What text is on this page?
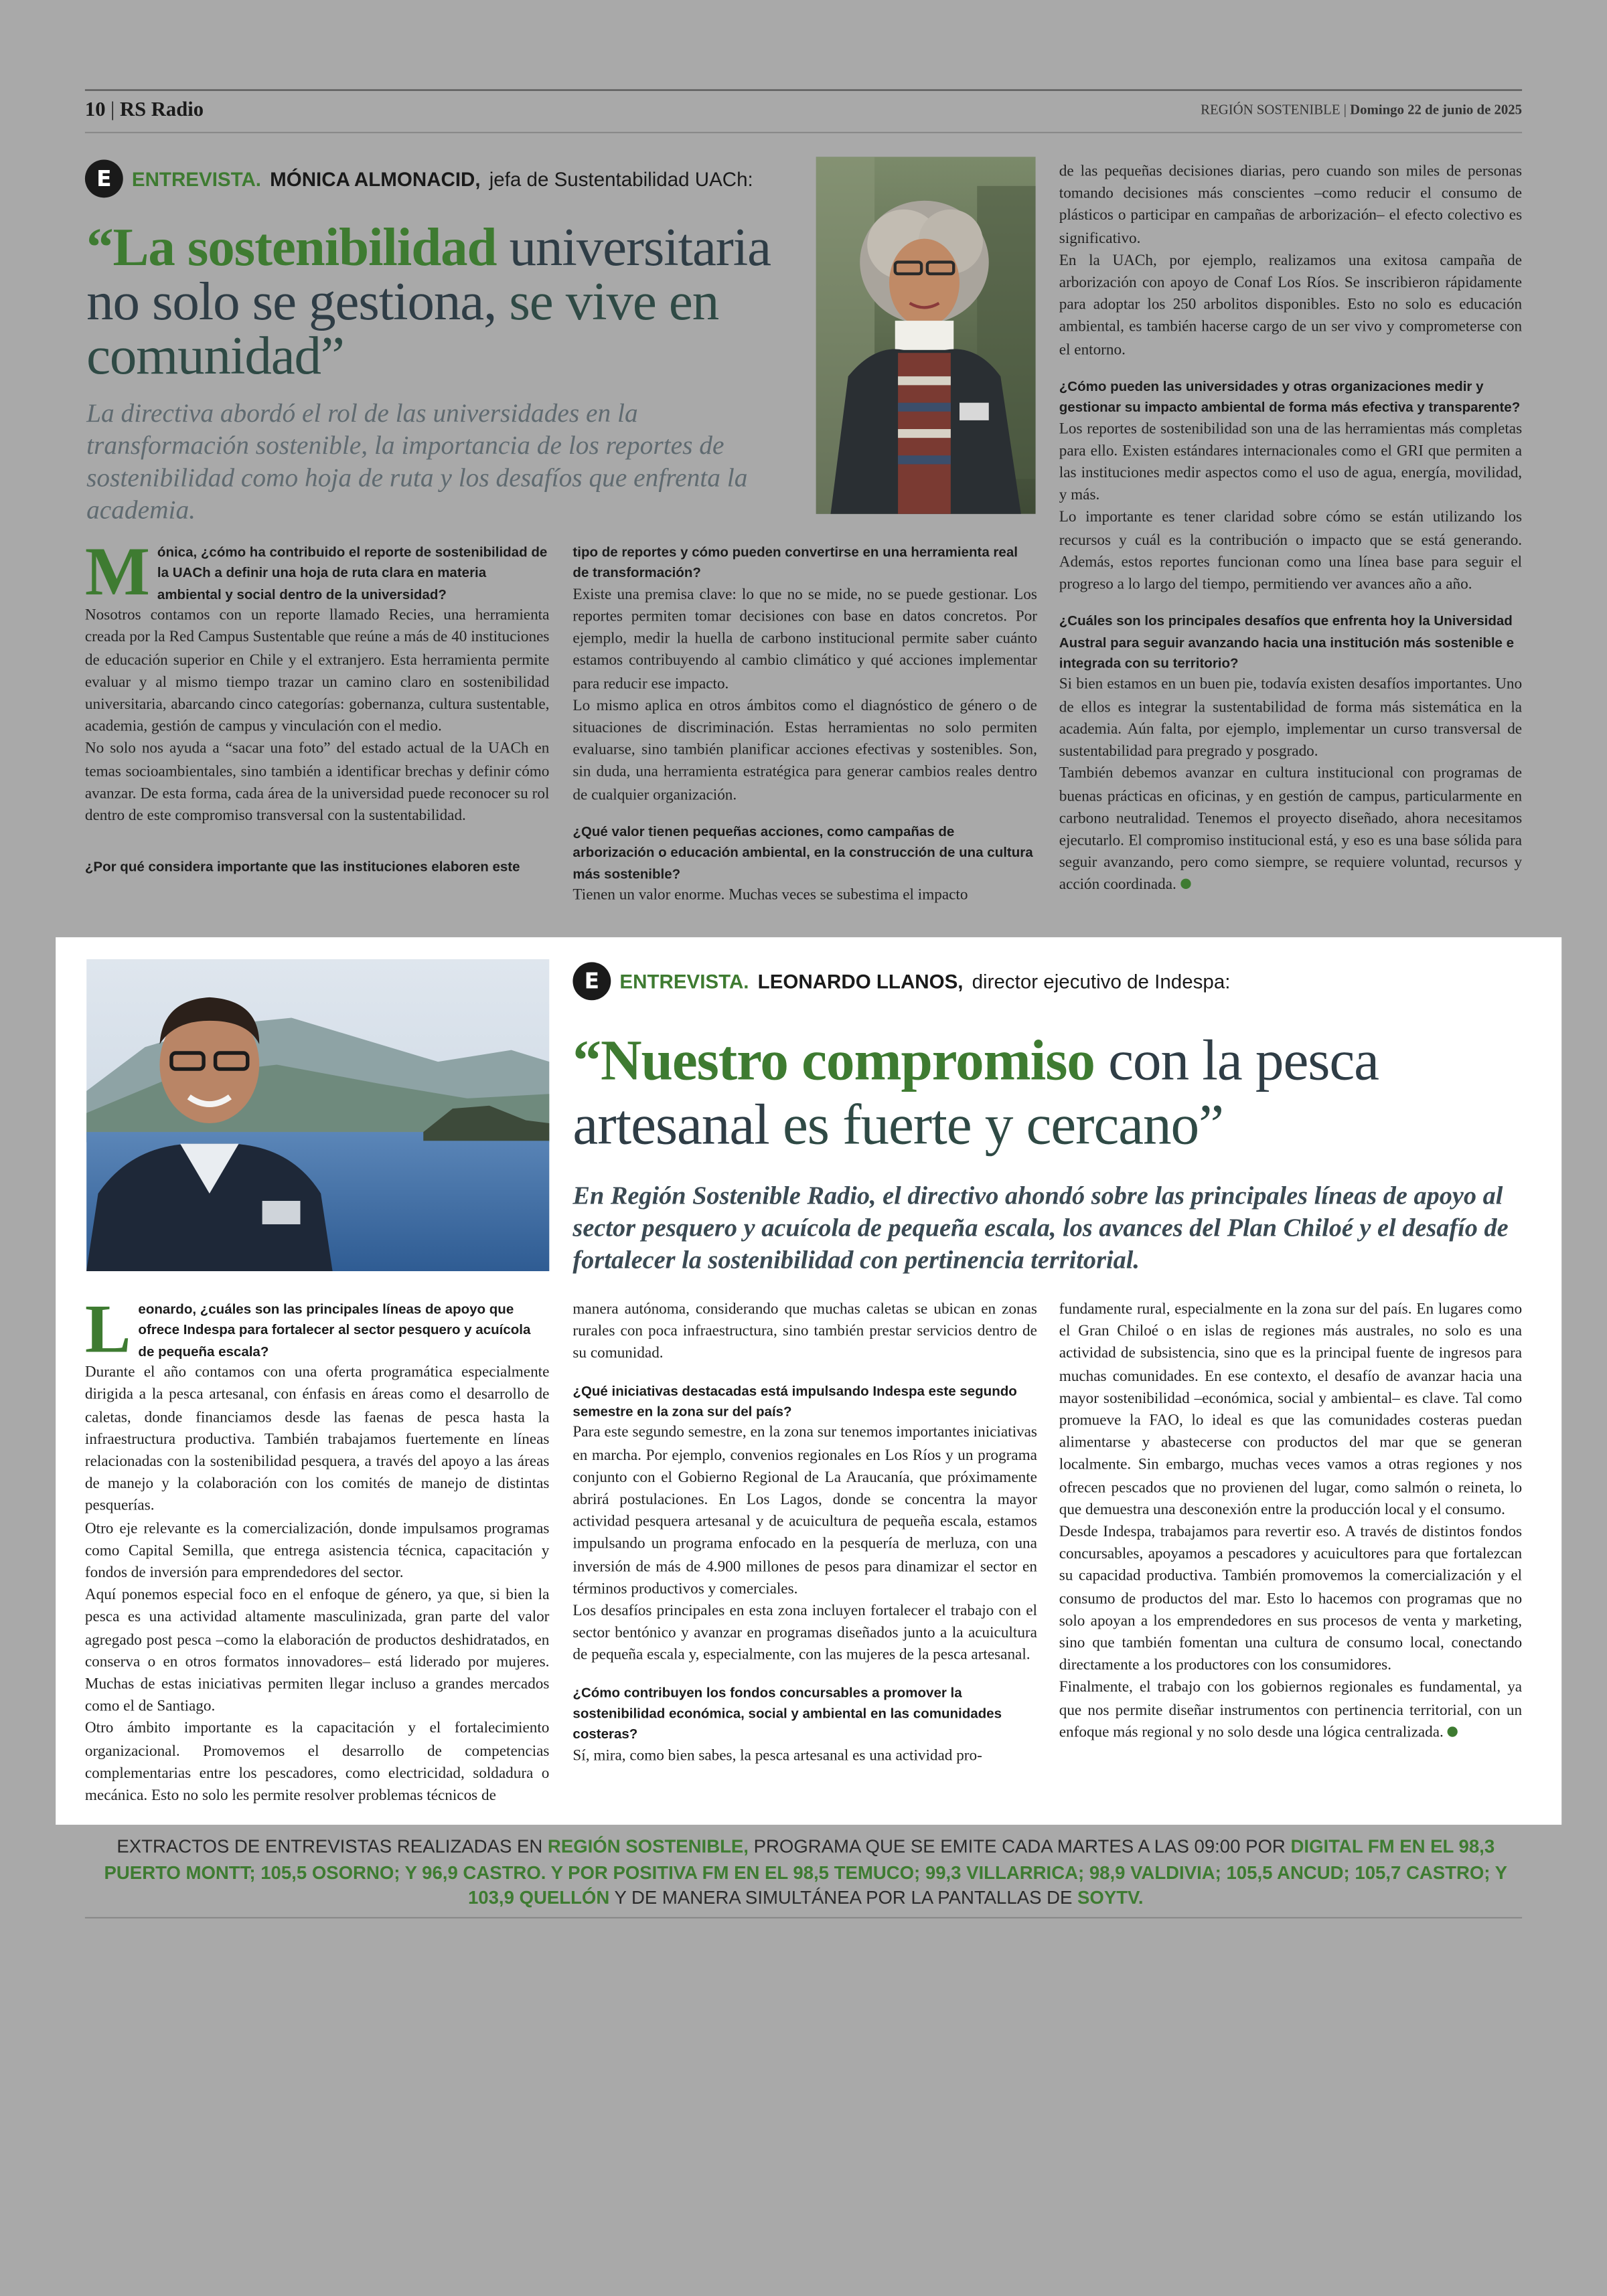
10 | RS Radio	REGIÓN SOSTENIBLE | Domingo 22 de junio de 2025
E	ENTREVISTA. MÓNICA ALMONACID, jefa de Sustentabilidad UACh:
“La sostenibilidad universitaria
no solo se gestiona, se vive en
comunidad”
La directiva abordó el rol de las universidades en la transformación sostenible, la importancia de los reportes de sostenibilidad como hoja de ruta y los desafíos que enfrenta la academia.
M	ónica, ¿cómo ha contribuido el reporte de sostenibilidad de la UACh a definir una hoja de ruta clara en materia ambiental y social dentro de la universidad?

Nosotros contamos con un reporte llamado Recies, una herramienta creada por la Red Campus Sustentable que reúne a más de 40 instituciones de educación superior en Chile y el extranjero. Esta herramienta permite evaluar y al mismo tiempo trazar un camino claro en sostenibilidad universitaria, abarcando cinco categorías: gobernanza, cultura sustentable, academia, gestión de campus y vinculación con el medio.

No solo nos ayuda a “sacar una foto” del estado actual de la UACh en temas socioambientales, sino también a identificar brechas y definir cómo avanzar. De esta forma, cada área de la universidad puede reconocer su rol dentro de este compromiso transversal con la sustentabilidad.

¿Por qué considera importante que las instituciones elaboren este

tipo de reportes y cómo pueden convertirse en una herramienta real de transformación?

Existe una premisa clave: lo que no se mide, no se puede gestionar. Los reportes permiten tomar decisiones con base en datos concretos. Por ejemplo, medir la huella de carbono institucional permite saber cuánto estamos contribuyendo al cambio climático y qué acciones implementar para reducir ese impacto.

Lo mismo aplica en otros ámbitos como el diagnóstico de género o de situaciones de discriminación. Estas herramientas no solo permiten evaluarse, sino también planificar acciones efectivas y sostenibles. Son, sin duda, una herramienta estratégica para generar cambios reales dentro de cualquier organización.

¿Qué valor tienen pequeñas acciones, como campañas de arborización o educación ambiental, en la construcción de una cultura más sostenible?

Tienen un valor enorme. Muchas veces se subestima el impacto

de las pequeñas decisiones diarias, pero cuando son miles de personas tomando decisiones más conscientes –como reducir el consumo de plásticos o participar en campañas de arborización– el efecto colectivo es significativo.

En la UACh, por ejemplo, realizamos una exitosa campaña de arborización con apoyo de Conaf Los Ríos. Se inscribieron rápidamente para adoptar los 250 arbolitos disponibles. Esto no solo es educación ambiental, es también hacerse cargo de un ser vivo y comprometerse con el entorno.

¿Cómo pueden las universidades y otras organizaciones medir y gestionar su impacto ambiental de forma más efectiva y transparente?

Los reportes de sostenibilidad son una de las herramientas más completas para ello. Existen estándares internacionales como el GRI que permiten a las instituciones medir aspectos como el uso de agua, energía, movilidad, y más.

Lo importante es tener claridad sobre cómo se están utilizando los recursos y cuál es la contribución o impacto que se está generando. Además, estos reportes funcionan como una línea base para seguir el progreso a lo largo del tiempo, permitiendo ver avances año a año.

¿Cuáles son los principales desafíos que enfrenta hoy la Universidad Austral para seguir avanzando hacia una institución más sostenible e integrada con su territorio?

Si bien estamos en un buen pie, todavía existen desafíos importantes. Uno de ellos es integrar la sustentabilidad de forma más sistemática en la academia. Aún falta, por ejemplo, implementar un curso transversal de sustentabilidad para pregrado y posgrado.

También debemos avanzar en cultura institucional con programas de buenas prácticas en oficinas, y en gestión de campus, particularmente en carbono neutralidad. Tenemos el proyecto diseñado, ahora necesitamos ejecutarlo. El compromiso institucional está, y eso es una base sólida para seguir avanzando, pero como siempre, se requiere voluntad, recursos y acción coordinada.

E	ENTREVISTA. LEONARDO LLANOS, director ejecutivo de Indespa:
“Nuestro compromiso con la pesca
artesanal es fuerte y cercano”
En Región Sostenible Radio, el directivo ahondó sobre las principales líneas de apoyo al sector pesquero y acuícola de pequeña escala, los avances del Plan Chiloé y el desafío de fortalecer la sostenibilidad con pertinencia territorial.
L	eonardo, ¿cuáles son las principales líneas de apoyo que ofrece Indespa para fortalecer al sector pesquero y acuícola de pequeña escala?

Durante el año contamos con una oferta programática especialmente dirigida a la pesca artesanal, con énfasis en áreas como el desarrollo de caletas, donde financiamos desde las faenas de pesca hasta la infraestructura productiva. También trabajamos fuertemente en líneas relacionadas con la sostenibilidad pesquera, a través del apoyo a las áreas de manejo y la colaboración con los comités de manejo de distintas pesquerías.

Otro eje relevante es la comercialización, donde impulsamos programas como Capital Semilla, que entrega asistencia técnica, capacitación y fondos de inversión para emprendedores del sector.

Aquí ponemos especial foco en el enfoque de género, ya que, si bien la pesca es una actividad altamente masculinizada, gran parte del valor agregado post pesca –como la elaboración de productos deshidratados, en conserva o en otros formatos innovadores– está liderado por mujeres. Muchas de estas iniciativas permiten llegar incluso a grandes mercados como el de Santiago.

Otro ámbito importante es la capacitación y el fortalecimiento organizacional. Promovemos el desarrollo de competencias complementarias entre los pescadores, como electricidad, soldadura o mecánica. Esto no solo les permite resolver problemas técnicos de

manera autónoma, considerando que muchas caletas se ubican en zonas rurales con poca infraestructura, sino también prestar servicios dentro de su comunidad.

¿Qué iniciativas destacadas está impulsando Indespa este segundo semestre en la zona sur del país?

Para este segundo semestre, en la zona sur tenemos importantes iniciativas en marcha. Por ejemplo, convenios regionales en Los Ríos y un programa conjunto con el Gobierno Regional de La Araucanía, que próximamente abrirá postulaciones. En Los Lagos, donde se concentra la mayor actividad pesquera artesanal y de acuicultura de pequeña escala, estamos impulsando un programa enfocado en la pesquería de merluza, con una inversión de más de 4.900 millones de pesos para dinamizar el sector en términos productivos y comerciales.

Los desafíos principales en esta zona incluyen fortalecer el trabajo con el sector bentónico y avanzar en programas diseñados junto a la acuicultura de pequeña escala y, especialmente, con las mujeres de la pesca artesanal.

¿Cómo contribuyen los fondos concursables a promover la sostenibilidad económica, social y ambiental en las comunidades costeras?

Sí, mira, como bien sabes, la pesca artesanal es una actividad pro-

fundamente rural, especialmente en la zona sur del país. En lugares como el Gran Chiloé o en islas de regiones más australes, no solo es una actividad de subsistencia, sino que es la principal fuente de ingresos para muchas comunidades. En ese contexto, el desafío de avanzar hacia una mayor sostenibilidad –económica, social y ambiental– es clave. Tal como promueve la FAO, lo ideal es que las comunidades costeras puedan alimentarse y abastecerse con productos del mar que se generan localmente. Sin embargo, muchas veces vamos a otras regiones y nos ofrecen pescados que no provienen del lugar, como salmón o reineta, lo que demuestra una desconexión entre la producción local y el consumo.

Desde Indespa, trabajamos para revertir eso. A través de distintos fondos concursables, apoyamos a pescadores y acuicultores para que fortalezcan su capacidad productiva. También promovemos la comercialización y el consumo de productos del mar. Esto lo hacemos con programas que no solo apoyan a los emprendedores en sus procesos de venta y marketing, sino que también fomentan una cultura de consumo local, conectando directamente a los productores con los consumidores.

Finalmente, el trabajo con los gobiernos regionales es fundamental, ya que nos permite diseñar instrumentos con pertinencia territorial, con un enfoque más regional y no solo desde una lógica centralizada.

EXTRACTOS DE ENTREVISTAS REALIZADAS EN REGIÓN SOSTENIBLE, PROGRAMA QUE SE EMITE CADA MARTES A LAS 09:00 POR DIGITAL FM EN EL 98,3 PUERTO MONTT; 105,5 OSORNO; Y 96,9 CASTRO. Y POR POSITIVA FM EN EL 98,5 TEMUCO; 99,3 VILLARRICA; 98,9 VALDIVIA; 105,5 ANCUD; 105,7 CASTRO; Y 103,9 QUELLÓN Y DE MANERA SIMULTÁNEA POR LA PANTALLAS DE SOYTV.
